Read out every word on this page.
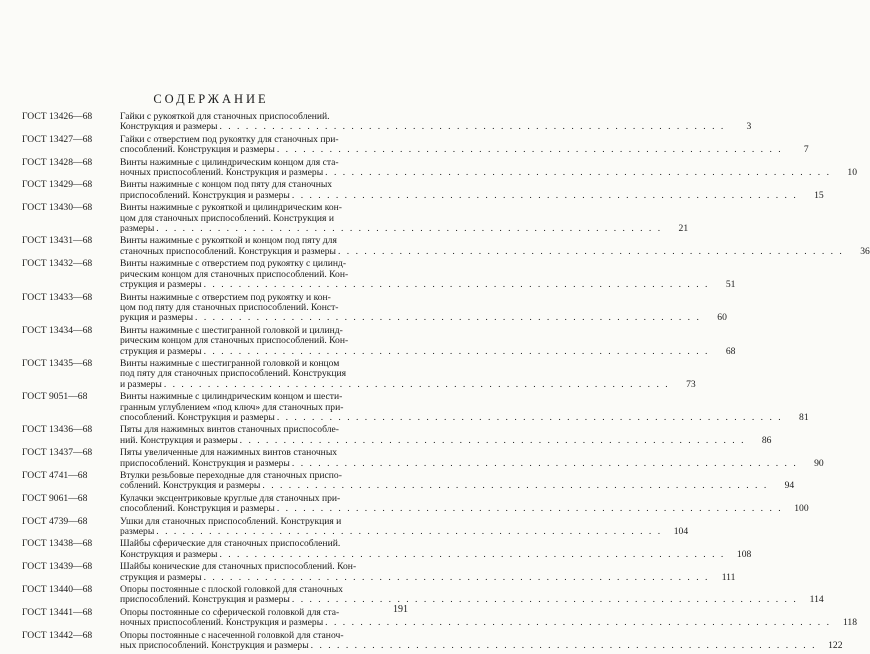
СОДЕРЖАНИЕ
ГОСТ 13426—68	Гайки с рукояткой для станочных приспособлений.
Конструкция и размеры . . .	3
ГОСТ 13427—68	Гайки с отверстием под рукоятку для станочных при-
способлений. Конструкция и размеры . . .	7
ГОСТ 13428—68	Винты нажимные с цилиндрическим концом для ста-
ночных приспособлений. Конструкция и размеры . . .	10
ГОСТ 13429—68	Винты нажимные с концом под пяту для станочных
приспособлений. Конструкция и размеры . . .	15
ГОСТ 13430—68	Винты нажимные с рукояткой и цилиндрическим кон-
цом для станочных приспособлений. Конструкция и
размеры . . .	21
ГОСТ 13431—68	Винты нажимные с рукояткой и концом под пяту для
станочных приспособлений. Конструкция и размеры . . .	36
ГОСТ 13432—68	Винты нажимные с отверстием под рукоятку с цилинд-
рическим концом для станочных приспособлений. Кон-
струкция и размеры . . .	51
ГОСТ 13433—68	Винты нажимные с отверстием под рукоятку и кон-
цом под пяту для станочных приспособлений. Конст-
рукция и размеры . . .	60
ГОСТ 13434—68	Винты нажимные с шестигранной головкой и цилинд-
рическим концом для станочных приспособлений. Кон-
струкция и размеры . . .	68
ГОСТ 13435—68	Винты нажимные с шестигранной головкой и концом
под пяту для станочных приспособлений. Конструкция
и размеры . . .	73
ГОСТ 9051—68	Винты нажимные с цилиндрическим концом и шести-
гранным углублением «под ключ» для станочных при-
способлений. Конструкция и размеры . . .	81
ГОСТ 13436—68	Пяты для нажимных винтов станочных приспособле-
ний. Конструкция и размеры . . .	86
ГОСТ 13437—68	Пяты увеличенные для нажимных винтов станочных
приспособлений. Конструкция и размеры . . .	90
ГОСТ 4741—68	Втулки резьбовые переходные для станочных приспо-
соблений. Конструкция и размеры . . .	94
ГОСТ 9061—68	Кулачки эксцентриковые круглые для станочных при-
способлений. Конструкция и размеры . . .	100
ГОСТ 4739—68	Ушки для станочных приспособлений. Конструкция и
размеры . . .	104
ГОСТ 13438—68	Шайбы сферические для станочных приспособлений.
Конструкция и размеры . . .	108
ГОСТ 13439—68	Шайбы конические для станочных приспособлений. Кон-
струкция и размеры . . .	111
ГОСТ 13440—68	Опоры постоянные с плоской головкой для станочных
приспособлений. Конструкция и размеры . . .	114
ГОСТ 13441—68	Опоры постоянные со сферической головкой для ста-
ночных приспособлений. Конструкция и размеры . . .	118
ГОСТ 13442—68	Опоры постоянные с насеченной головкой для станоч-
ных приспособлений. Конструкция и размеры . . .	122
191
